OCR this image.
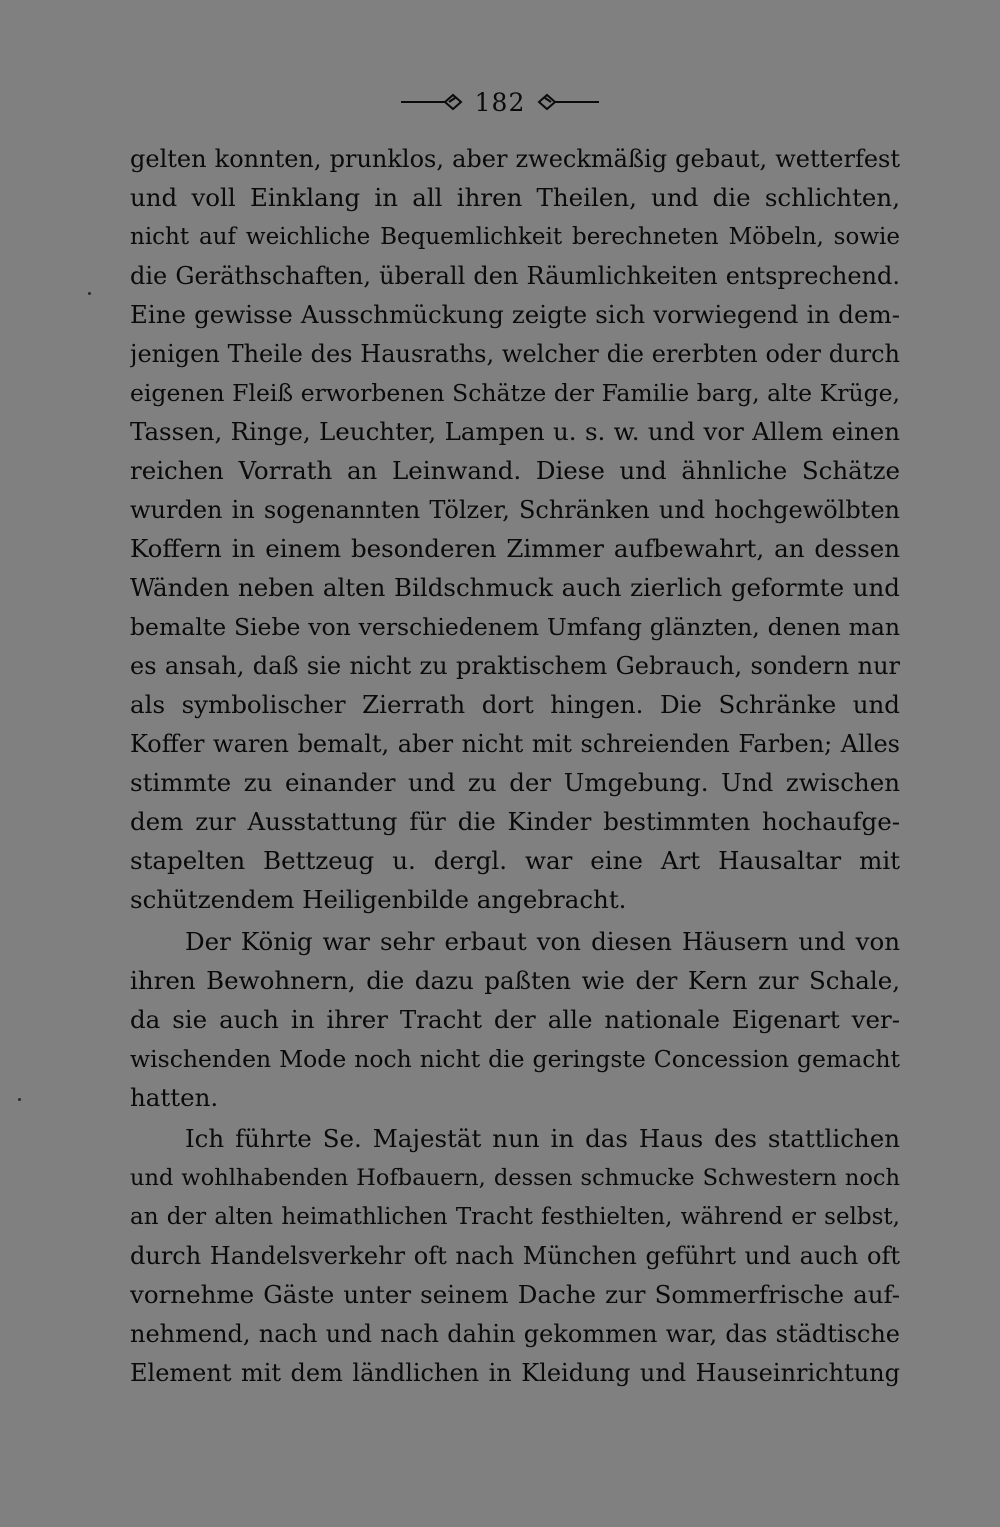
182
gelten konnten, prunklos, aber zweckmäßig gebaut, wetterfest
und voll Einklang in all ihren Theilen, und die schlichten,
nicht auf weichliche Bequemlichkeit berechneten Möbeln, sowie
die Geräthschaften, überall den Räumlichkeiten entsprechend.
Eine gewisse Ausschmückung zeigte sich vorwiegend in dem-
jenigen Theile des Hausraths, welcher die ererbten oder durch
eigenen Fleiß erworbenen Schätze der Familie barg, alte Krüge,
Tassen, Ringe, Leuchter, Lampen u. s. w. und vor Allem einen
reichen Vorrath an Leinwand. Diese und ähnliche Schätze
wurden in sogenannten Tölzer, Schränken und hochgewölbten
Koffern in einem besonderen Zimmer aufbewahrt, an dessen
Wänden neben alten Bildschmuck auch zierlich geformte und
bemalte Siebe von verschiedenem Umfang glänzten, denen man
es ansah, daß sie nicht zu praktischem Gebrauch, sondern nur
als symbolischer Zierrath dort hingen. Die Schränke und
Koffer waren bemalt, aber nicht mit schreienden Farben; Alles
stimmte zu einander und zu der Umgebung. Und zwischen
dem zur Ausstattung für die Kinder bestimmten hochaufge-
stapelten Bettzeug u. dergl. war eine Art Hausaltar mit
schützendem Heiligenbilde angebracht.
Der König war sehr erbaut von diesen Häusern und von
ihren Bewohnern, die dazu paßten wie der Kern zur Schale,
da sie auch in ihrer Tracht der alle nationale Eigenart ver-
wischenden Mode noch nicht die geringste Concession gemacht
hatten.
Ich führte Se. Majestät nun in das Haus des stattlichen
und wohlhabenden Hofbauern, dessen schmucke Schwestern noch
an der alten heimathlichen Tracht festhielten, während er selbst,
durch Handelsverkehr oft nach München geführt und auch oft
vornehme Gäste unter seinem Dache zur Sommerfrische auf-
nehmend, nach und nach dahin gekommen war, das städtische
Element mit dem ländlichen in Kleidung und Hauseinrichtung
